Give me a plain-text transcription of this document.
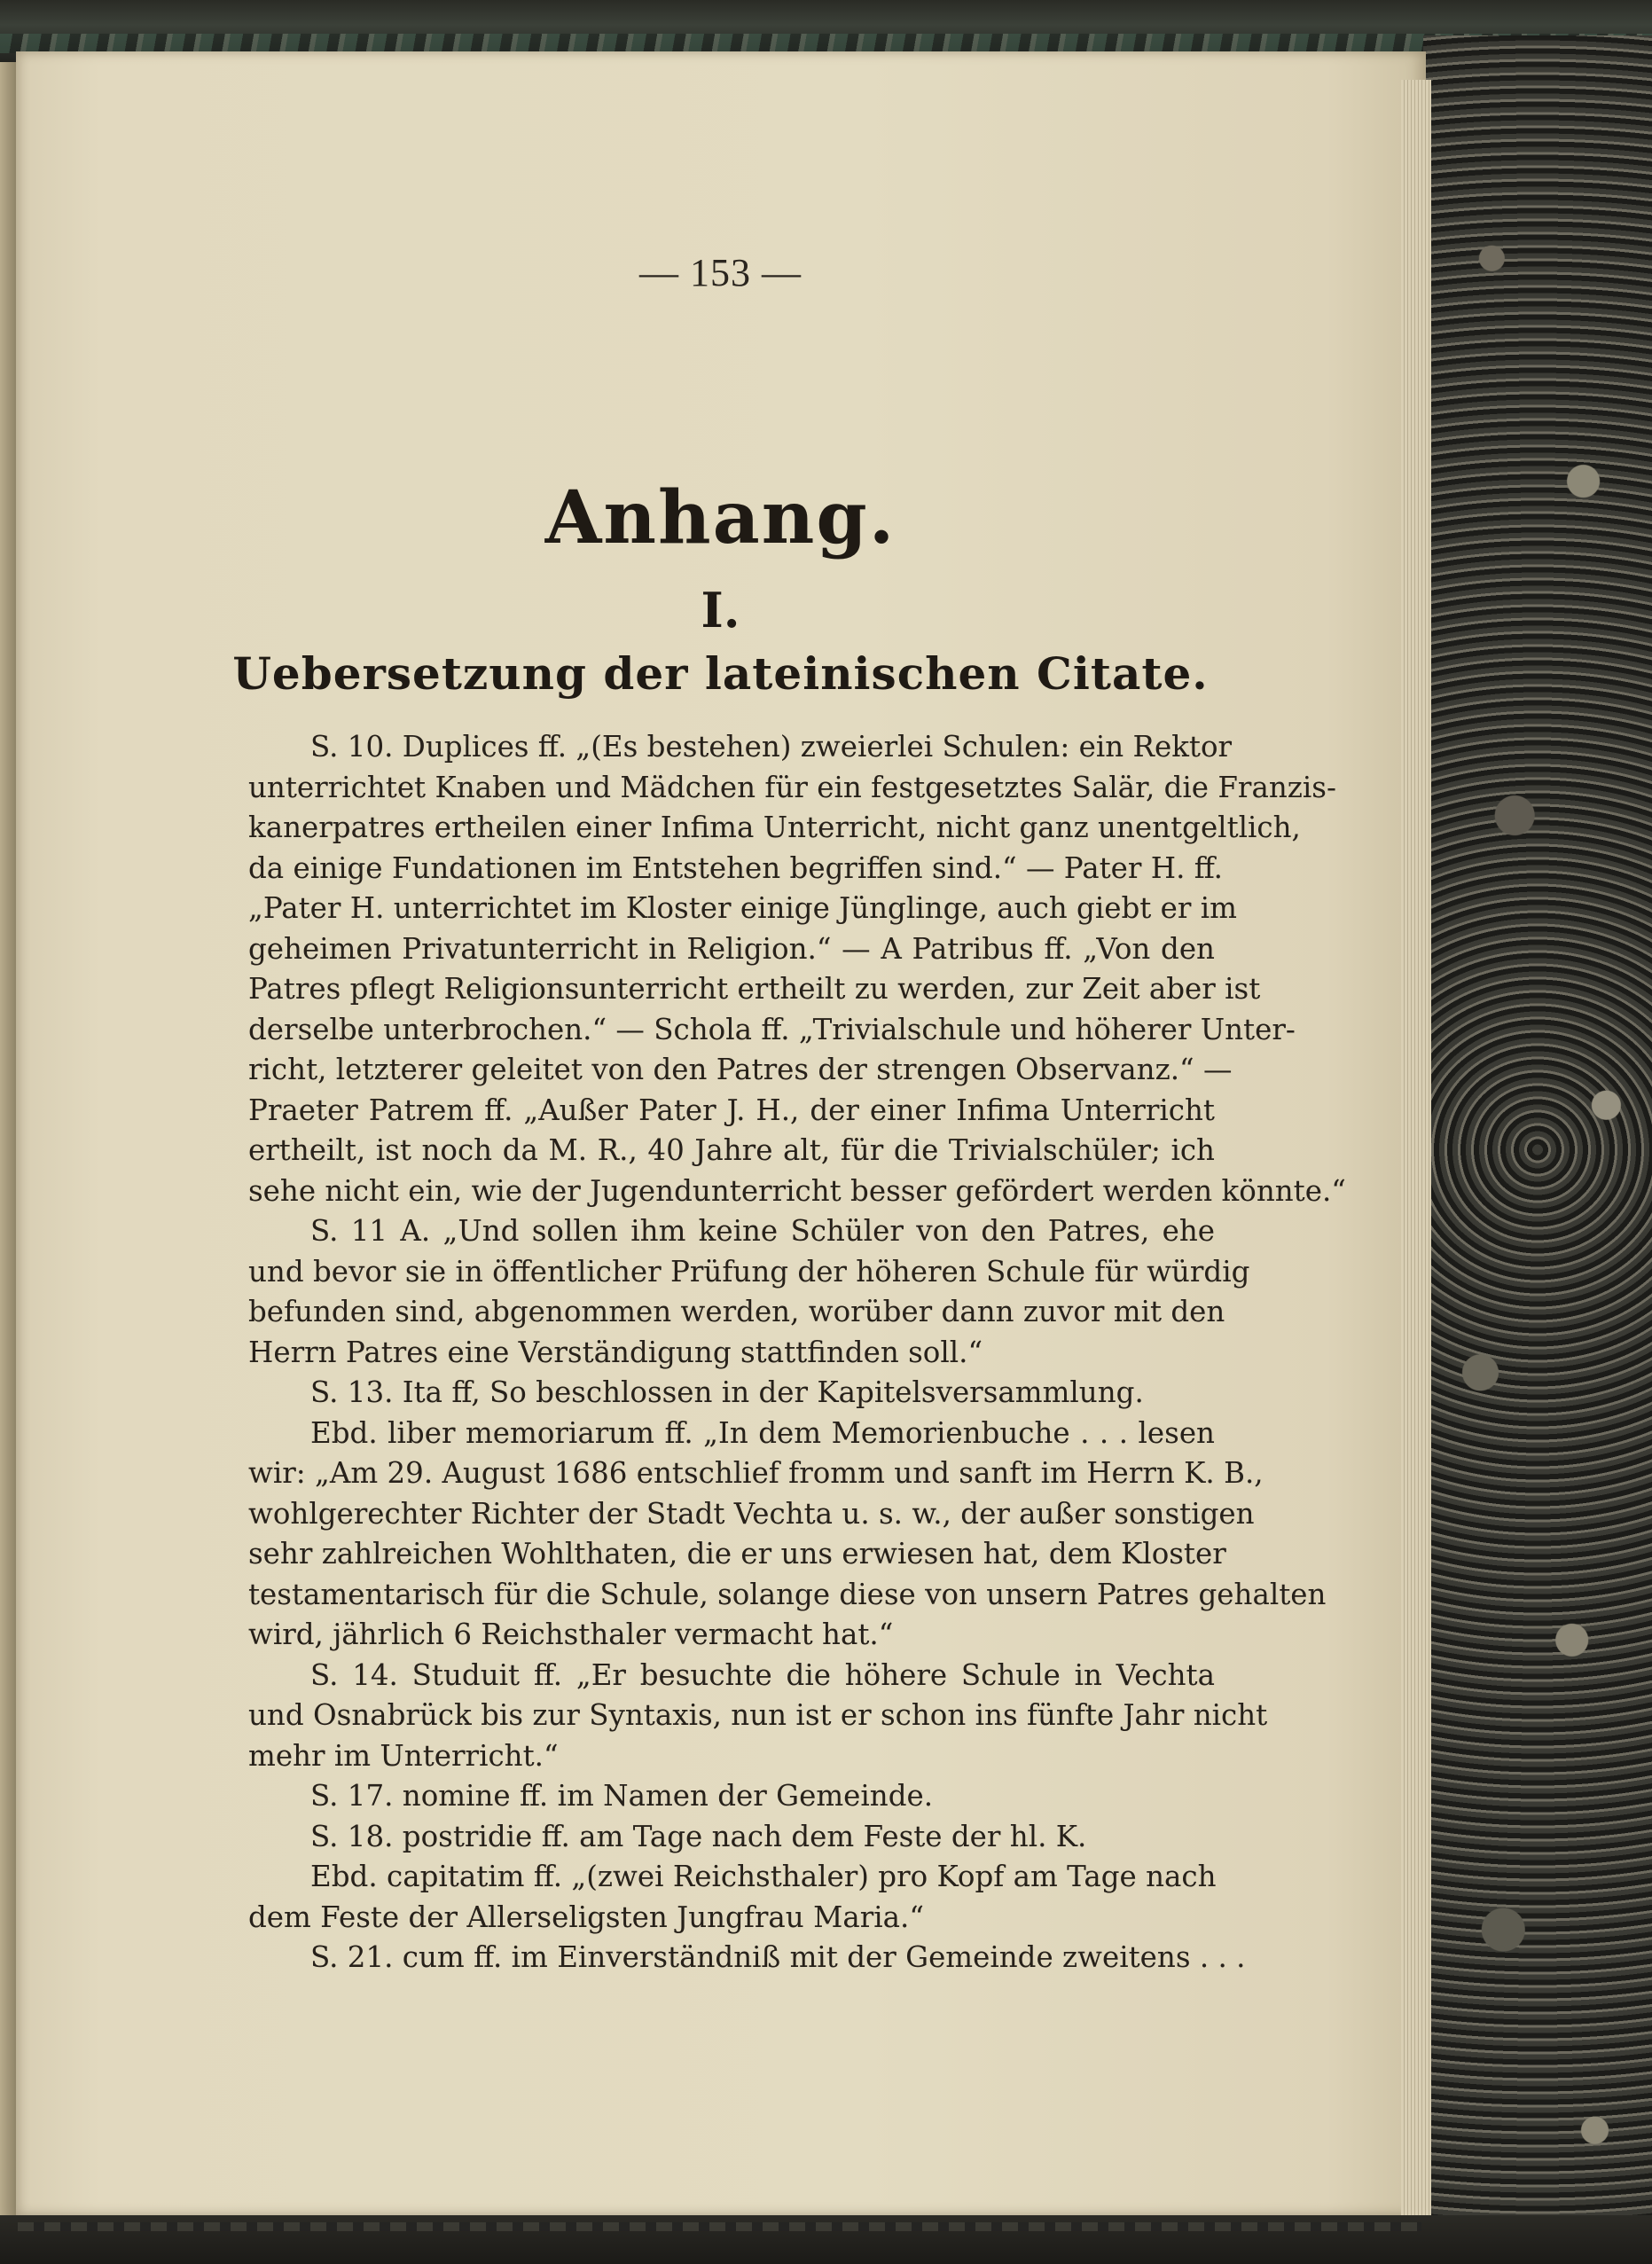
— 153 —
Anhang.
I.
Uebersetzung der lateinischen Citate.
S. 10. Duplices ff. „(Es bestehen) zweierlei Schulen: ein Rektor
unterrichtet Knaben und Mädchen für ein festgesetztes Salär, die Franzis-
kanerpatres ertheilen einer Infima Unterricht, nicht ganz unentgeltlich,
da einige Fundationen im Entstehen begriffen sind.“ — Pater H. ff.
„Pater H. unterrichtet im Kloster einige Jünglinge, auch giebt er im
geheimen Privatunterricht in Religion.“ — A Patribus ff. „Von den
Patres pflegt Religionsunterricht ertheilt zu werden, zur Zeit aber ist
derselbe unterbrochen.“ — Schola ff. „Trivialschule und höherer Unter-
richt, letzterer geleitet von den Patres der strengen Observanz.“ —
Praeter Patrem ff. „Außer Pater J. H., der einer Infima Unterricht
ertheilt, ist noch da M. R., 40 Jahre alt, für die Trivialschüler; ich
sehe nicht ein, wie der Jugendunterricht besser gefördert werden könnte.“
S. 11 A. „Und sollen ihm keine Schüler von den Patres, ehe
und bevor sie in öffentlicher Prüfung der höheren Schule für würdig
befunden sind, abgenommen werden, worüber dann zuvor mit den
Herrn Patres eine Verständigung stattfinden soll.“
S. 13. Ita ff, So beschlossen in der Kapitelsversammlung.
Ebd. liber memoriarum ff. „In dem Memorienbuche . . . lesen
wir: „Am 29. August 1686 entschlief fromm und sanft im Herrn K. B.,
wohlgerechter Richter der Stadt Vechta u. s. w., der außer sonstigen
sehr zahlreichen Wohlthaten, die er uns erwiesen hat, dem Kloster
testamentarisch für die Schule, solange diese von unsern Patres gehalten
wird, jährlich 6 Reichsthaler vermacht hat.“
S. 14. Studuit ff. „Er besuchte die höhere Schule in Vechta
und Osnabrück bis zur Syntaxis, nun ist er schon ins fünfte Jahr nicht
mehr im Unterricht.“
S. 17. nomine ff. im Namen der Gemeinde.
S. 18. postridie ff. am Tage nach dem Feste der hl. K.
Ebd. capitatim ff. „(zwei Reichsthaler) pro Kopf am Tage nach
dem Feste der Allerseligsten Jungfrau Maria.“
S. 21. cum ff. im Einverständniß mit der Gemeinde zweitens . . .
